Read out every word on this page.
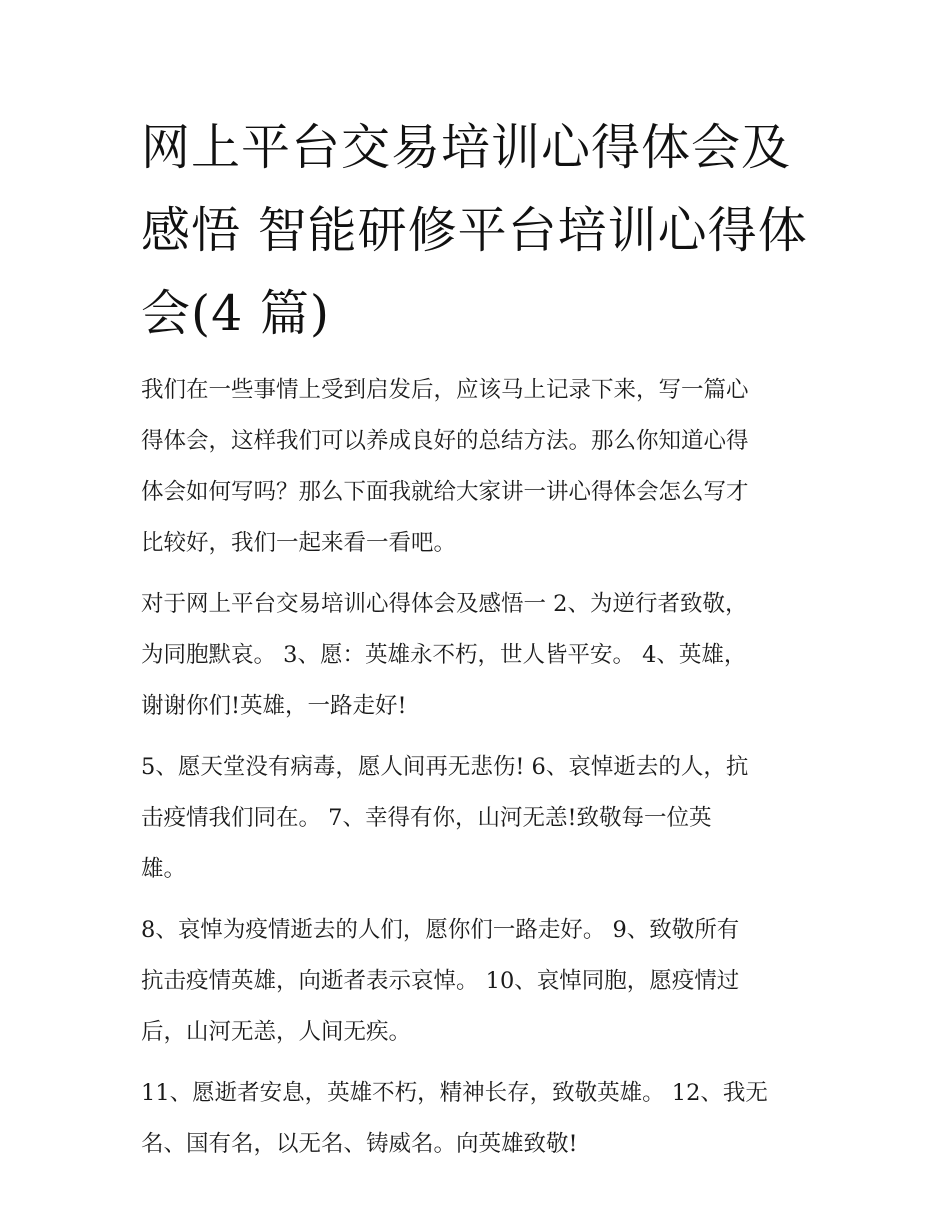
网上平台交易培训心得体会及
感悟 智能研修平台培训心得体
会(4 篇)
我们在一些事情上受到启发后，应该马上记录下来，写一篇心
得体会，这样我们可以养成良好的总结方法。那么你知道心得
体会如何写吗？那么下面我就给大家讲一讲心得体会怎么写才
比较好，我们一起来看一看吧。
对于网上平台交易培训心得体会及感悟一 2、为逆行者致敬，
为同胞默哀。 3、愿：英雄永不朽，世人皆平安。 4、英雄，
谢谢你们!英雄，一路走好!
5、愿天堂没有病毒，愿人间再无悲伤! 6、哀悼逝去的人，抗
击疫情我们同在。 7、幸得有你，山河无恙!致敬每一位英
雄。
8、哀悼为疫情逝去的人们，愿你们一路走好。 9、致敬所有
抗击疫情英雄，向逝者表示哀悼。 10、哀悼同胞，愿疫情过
后，山河无恙，人间无疾。
11、愿逝者安息，英雄不朽，精神长存，致敬英雄。 12、我无
名、国有名，以无名、铸威名。向英雄致敬!
